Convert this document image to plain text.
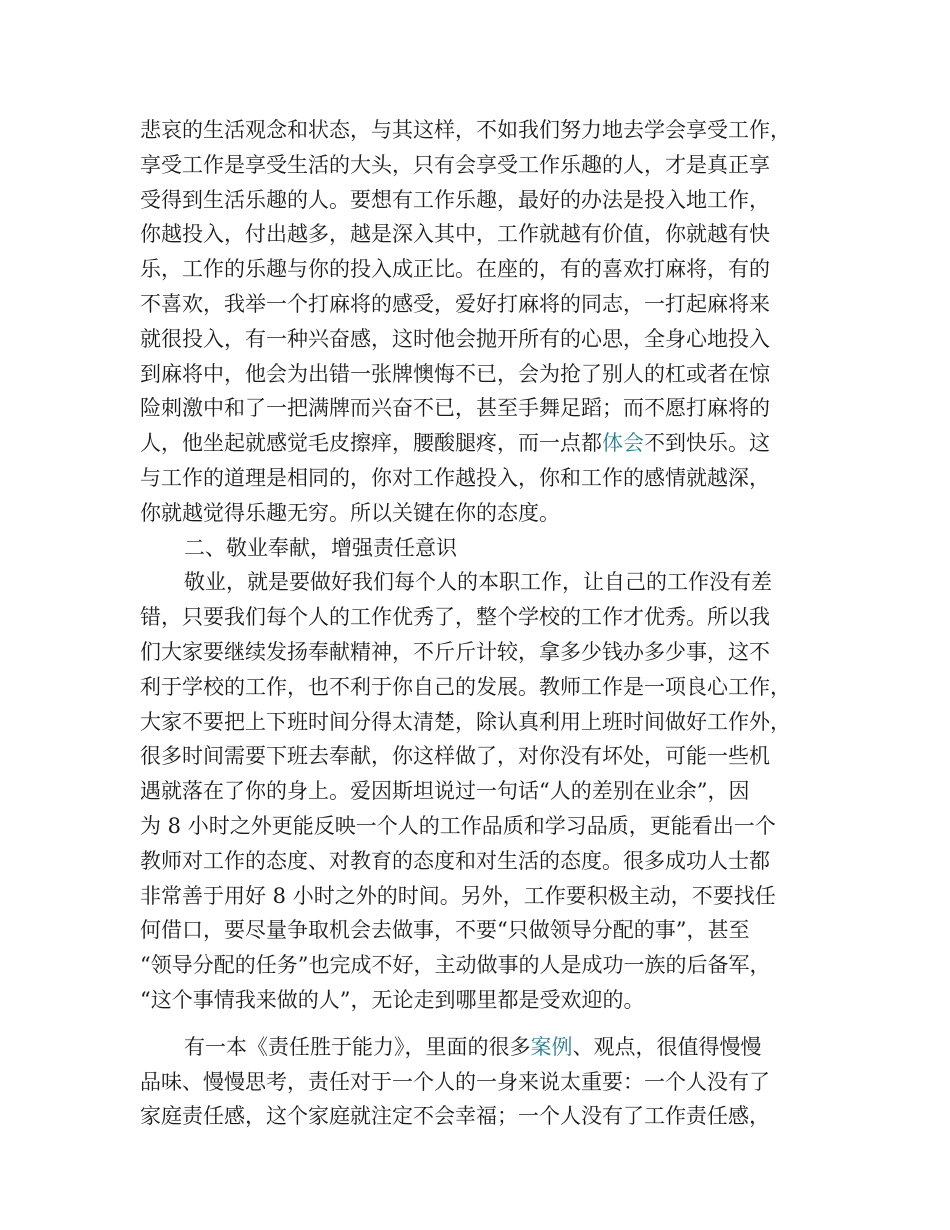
悲哀的生活观念和状态，与其这样，不如我们努力地去学会享受工作，
享受工作是享受生活的大头，只有会享受工作乐趣的人，才是真正享
受得到生活乐趣的人。要想有工作乐趣，最好的办法是投入地工作，
你越投入，付出越多，越是深入其中，工作就越有价值，你就越有快
乐，工作的乐趣与你的投入成正比。在座的，有的喜欢打麻将，有的
不喜欢，我举一个打麻将的感受，爱好打麻将的同志，一打起麻将来
就很投入，有一种兴奋感，这时他会抛开所有的心思，全身心地投入
到麻将中，他会为出错一张牌懊悔不已，会为抢了别人的杠或者在惊
险刺激中和了一把满牌而兴奋不已，甚至手舞足蹈；而不愿打麻将的
人，他坐起就感觉毛皮擦痒，腰酸腿疼，而一点都体会不到快乐。这
与工作的道理是相同的，你对工作越投入，你和工作的感情就越深，
你就越觉得乐趣无穷。所以关键在你的态度。
二、敬业奉献，增强责任意识
敬业，就是要做好我们每个人的本职工作，让自己的工作没有差
错，只要我们每个人的工作优秀了，整个学校的工作才优秀。所以我
们大家要继续发扬奉献精神，不斤斤计较，拿多少钱办多少事，这不
利于学校的工作，也不利于你自己的发展。教师工作是一项良心工作，
大家不要把上下班时间分得太清楚，除认真利用上班时间做好工作外，
很多时间需要下班去奉献，你这样做了，对你没有坏处，可能一些机
遇就落在了你的身上。爱因斯坦说过一句话“人的差别在业余”，因
为 8 小时之外更能反映一个人的工作品质和学习品质，更能看出一个
教师对工作的态度、对教育的态度和对生活的态度。很多成功人士都
非常善于用好 8 小时之外的时间。另外，工作要积极主动，不要找任
何借口，要尽量争取机会去做事，不要“只做领导分配的事”，甚至
“领导分配的任务”也完成不好，主动做事的人是成功一族的后备军，
“这个事情我来做的人”，无论走到哪里都是受欢迎的。
有一本《责任胜于能力》，里面的很多案例、观点，很值得慢慢
品味、慢慢思考，责任对于一个人的一身来说太重要：一个人没有了
家庭责任感，这个家庭就注定不会幸福；一个人没有了工作责任感，
